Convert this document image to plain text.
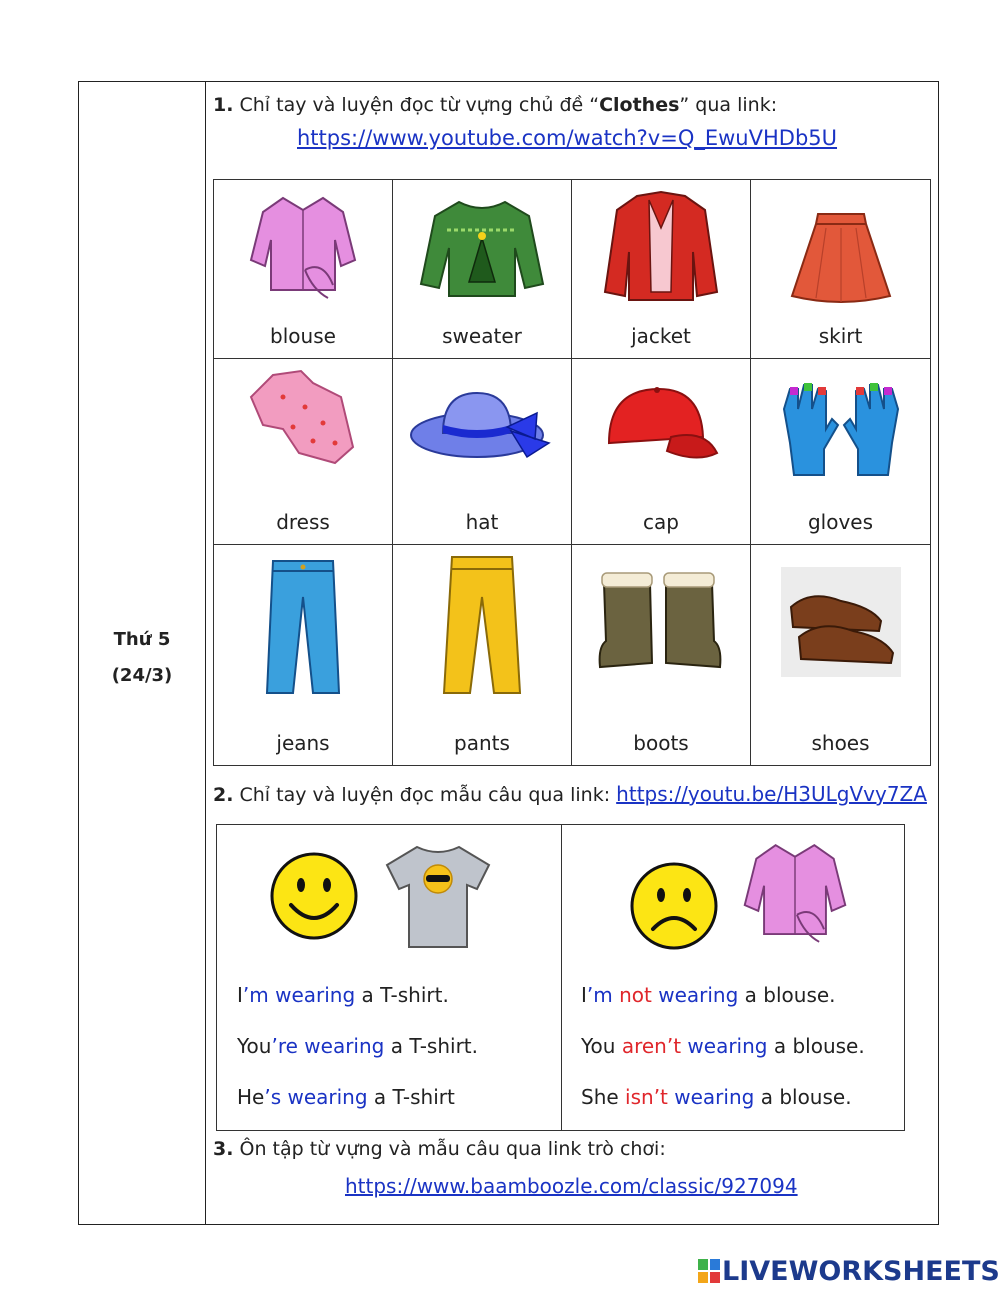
Thứ 5
(24/3)
1. Chỉ tay và luyện đọc từ vựng chủ đề “Clothes” qua link:
https://www.youtube.com/watch?v=Q_EwuVHDb5U
blouse	sweater	jacket	skirt
dress	hat	cap	gloves
jeans	pants	boots	shoes
2. Chỉ tay và luyện đọc mẫu câu qua link: https://youtu.be/H3ULgVvy7ZA
I’m wearing a T-shirt.
You’re wearing a T-shirt.
He’s wearing a T-shirt
I’m not wearing a blouse.
You aren’t wearing a blouse.
She isn’t wearing a blouse.
3. Ôn tập từ vựng và mẫu câu qua link trò chơi:
https://www.baamboozle.com/classic/927094
LIVEWORKSHEETS
